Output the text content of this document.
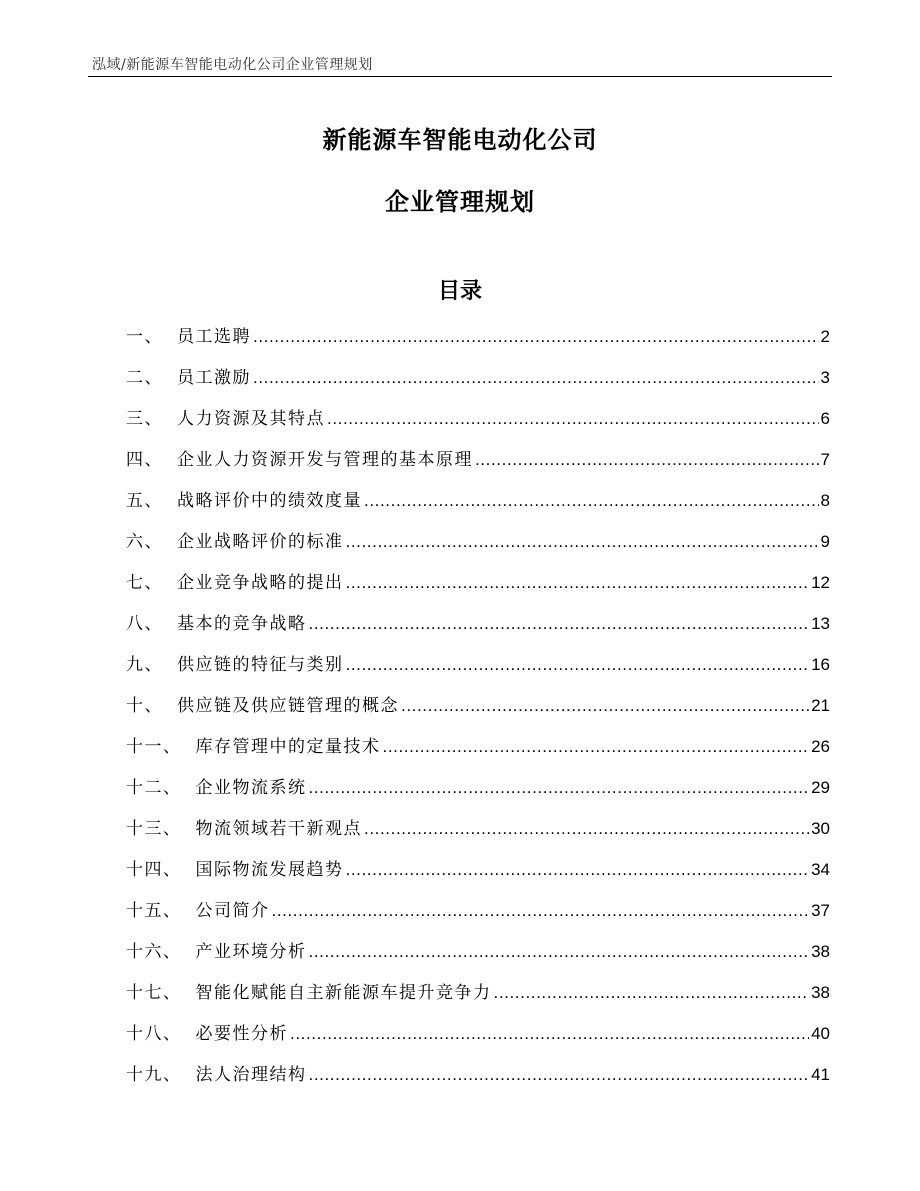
泓域/新能源车智能电动化公司企业管理规划
新能源车智能电动化公司
企业管理规划
目录
一、 员工选聘 .....	2
二、 员工激励 .....	3
三、 人力资源及其特点 .....	6
四、 企业人力资源开发与管理的基本原理 .....	7
五、 战略评价中的绩效度量 .....	8
六、 企业战略评价的标准 .....	9
七、 企业竞争战略的提出 .....	12
八、 基本的竞争战略 .....	13
九、 供应链的特征与类别 .....	16
十、 供应链及供应链管理的概念 .....	21
十一、 库存管理中的定量技术 .....	26
十二、 企业物流系统 .....	29
十三、 物流领域若干新观点 .....	30
十四、 国际物流发展趋势 .....	34
十五、 公司简介 .....	37
十六、 产业环境分析 .....	38
十七、 智能化赋能自主新能源车提升竞争力 .....	38
十八、 必要性分析 .....	40
十九、 法人治理结构 .....	41
